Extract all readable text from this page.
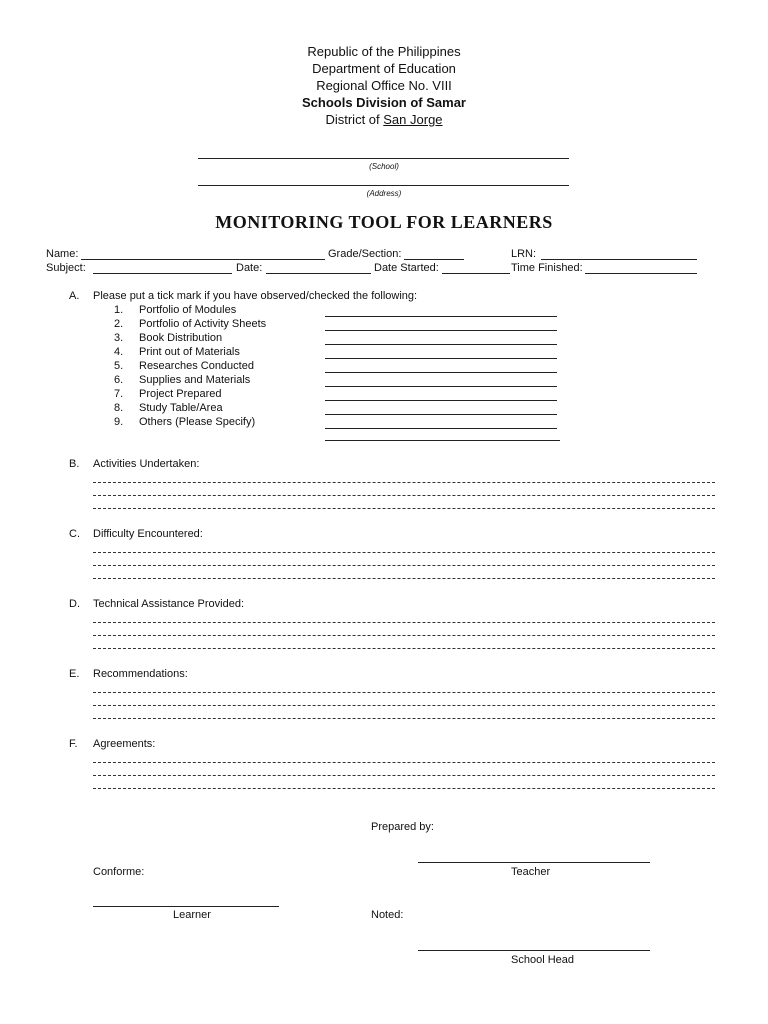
Republic of the Philippines
Department of Education
Regional Office No. VIII
Schools Division of Samar
District of San Jorge
(School)
(Address)
MONITORING TOOL FOR LEARNERS
Name:	Grade/Section:	LRN:
Subject:	Date:	Date Started:	Time Finished:
A. Please put a tick mark if you have observed/checked the following:
1. Portfolio of Modules
2. Portfolio of Activity Sheets
3. Book Distribution
4. Print out of Materials
5. Researches Conducted
6. Supplies and Materials
7. Project Prepared
8. Study Table/Area
9. Others (Please Specify)
B. Activities Undertaken:
C. Difficulty Encountered:
D. Technical Assistance Provided:
E. Recommendations:
F. Agreements:
Prepared by:
Teacher
Conforme:
Learner	Noted:
School Head
